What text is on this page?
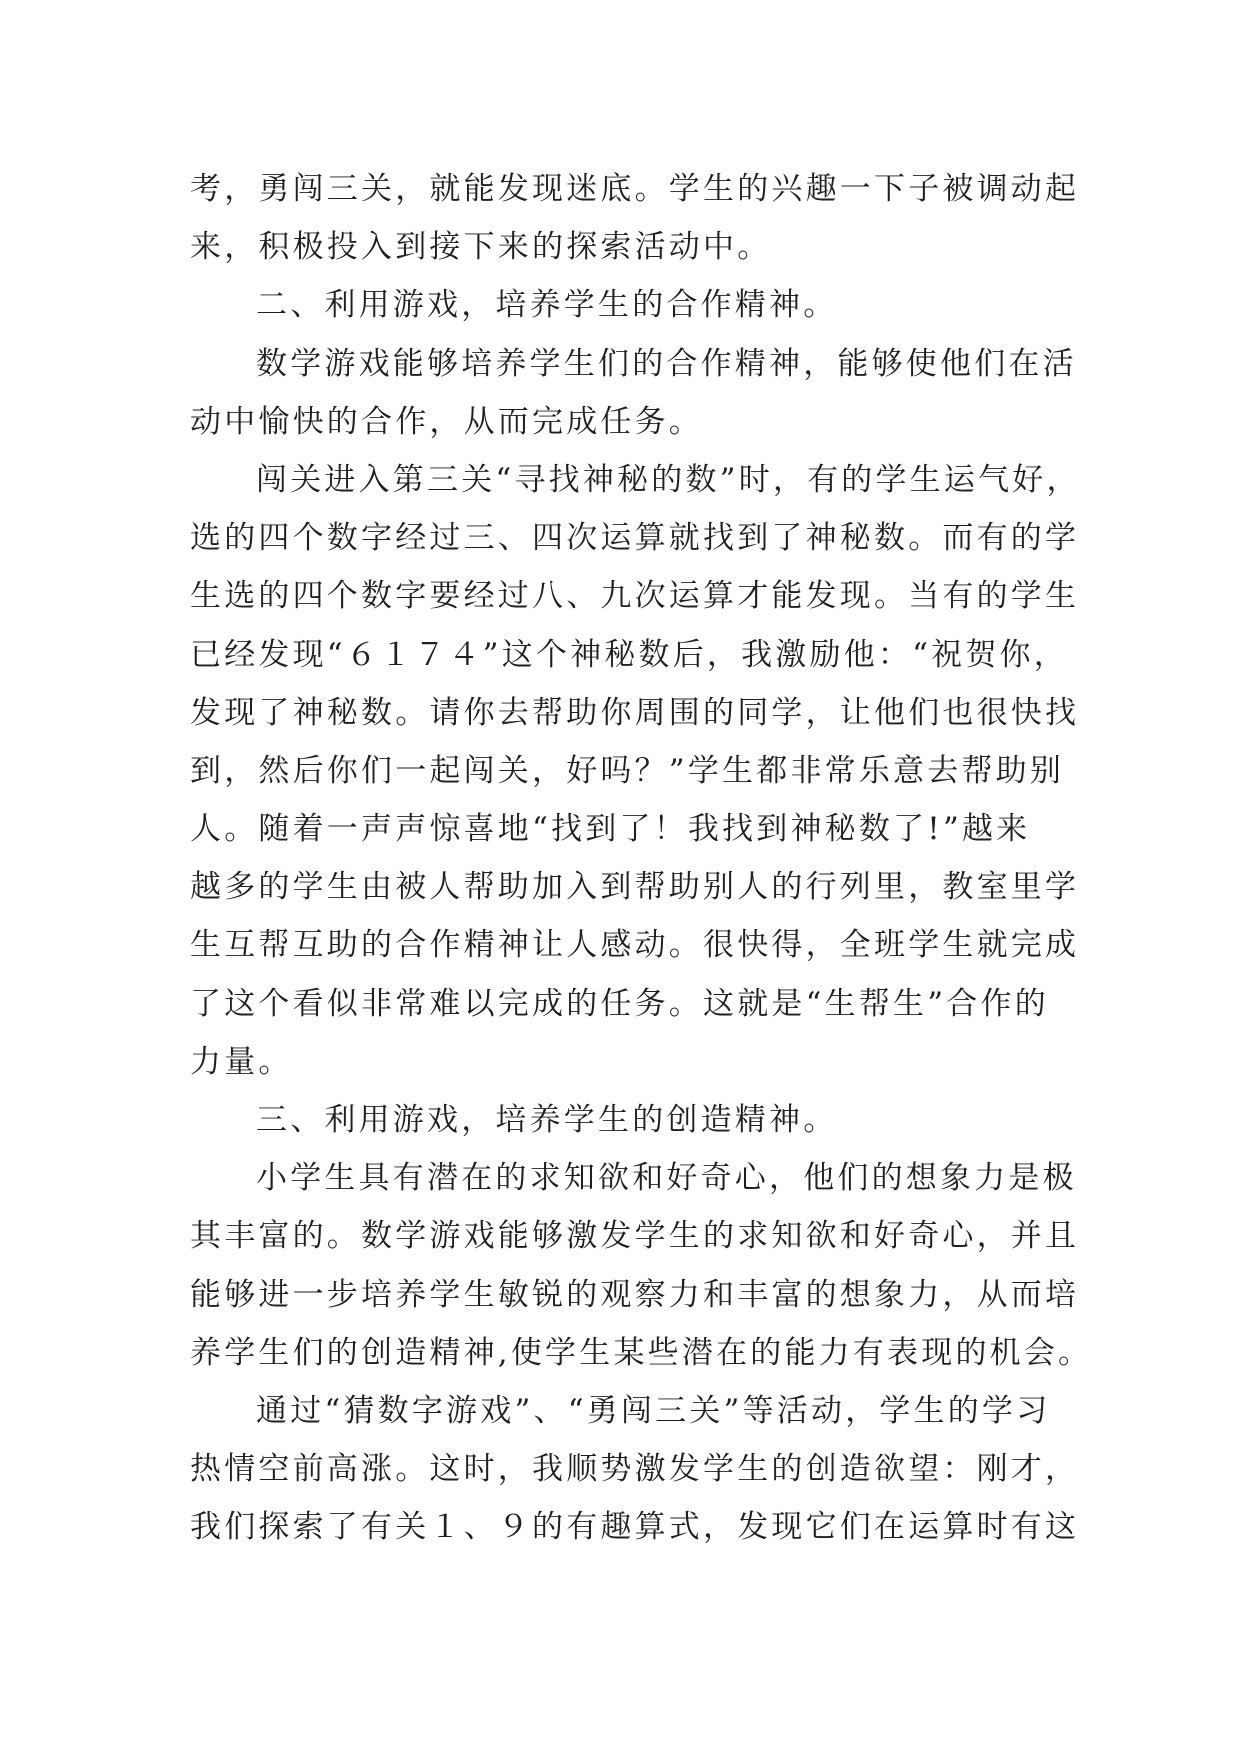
考，勇闯三关，就能发现迷底。学生的兴趣一下子被调动起
来，积极投入到接下来的探索活动中。
二、利用游戏，培养学生的合作精神。
数学游戏能够培养学生们的合作精神，能够使他们在活
动中愉快的合作，从而完成任务。
闯关进入第三关“寻找神秘的数”时，有的学生运气好，
选的四个数字经过三、四次运算就找到了神秘数。而有的学
生选的四个数字要经过八、九次运算才能发现。当有的学生
已经发现“６１７４”这个神秘数后，我激励他：“祝贺你，
发现了神秘数。请你去帮助你周围的同学，让他们也很快找
到，然后你们一起闯关，好吗？”学生都非常乐意去帮助别
人。随着一声声惊喜地“找到了！我找到神秘数了!”越来
越多的学生由被人帮助加入到帮助别人的行列里，教室里学
生互帮互助的合作精神让人感动。很快得，全班学生就完成
了这个看似非常难以完成的任务。这就是“生帮生”合作的
力量。
三、利用游戏，培养学生的创造精神。
小学生具有潜在的求知欲和好奇心，他们的想象力是极
其丰富的。数学游戏能够激发学生的求知欲和好奇心，并且
能够进一步培养学生敏锐的观察力和丰富的想象力，从而培
养学生们的创造精神,使学生某些潜在的能力有表现的机会。
通过“猜数字游戏”、“勇闯三关”等活动，学生的学习
热情空前高涨。这时，我顺势激发学生的创造欲望：刚才，
我们探索了有关１、９的有趣算式，发现它们在运算时有这
